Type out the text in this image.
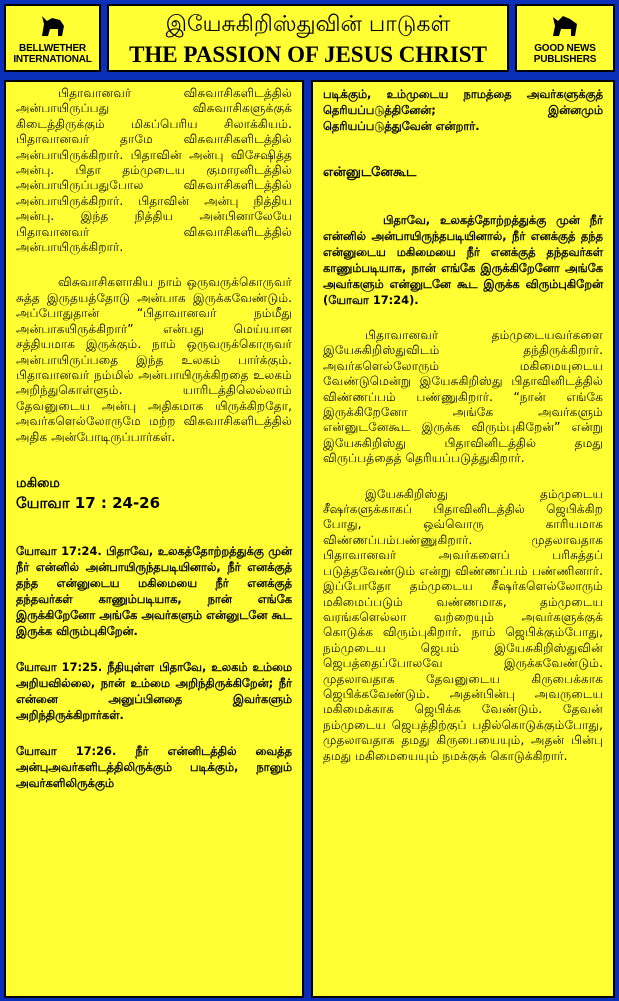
BELLWETHER INTERNATIONAL
இயேசுகிறிஸ்துவின் பாடுகள்
THE PASSION OF JESUS CHRIST	GOOD NEWS PUBLISHERS

பிதாவானவர் விசுவாசிகளிடத்தில் அன்பாயிருப்பது விசுவாசிகளுக்குக் கிடைத்திருக்கும் மிகப்பெரிய சிலாக்கியம். பிதாவானவர் தாமே விசுவாசிகளிடத்தில் அன்பாயிருக்கிறார். பிதாவின் அன்பு விசேஷித்த அன்பு. பிதா தம்முடைய குமாரனிடத்தில் அன்பாயிருப்பதுபோல விசுவாசிகளிடத்தில் அன்பாயிருக்கிறார். பிதாவின் அன்பு நித்திய அன்பு. இந்த நித்திய அன்பினாலேயே பிதாவானவர் விசுவாசிகளிடத்தில் அன்பாயிருக்கிறார்.

விசுவாசிகளாகிய நாம் ஒருவருக்கொருவர் சுத்த இருதயத்தோடு அன்பாக இருக்கவேண்டும். அப்போதுதான் “பிதாவானவர் நம்மீது அன்பாகயிருக்கிறார்” என்பது மெய்யான சத்தியமாக இருக்கும். நாம் ஒருவருக்கொருவர் அன்பாயிருப்பதை இந்த உலகம் பார்க்கும். பிதாவானவர் நம்மில் அன்பாயிருக்கிறதை உலகம் அறிந்துகொள்ளும். யாரிடத்திலெல்லாம் தேவனுடைய அன்பு அதிகமாக யிருக்கிறதோ, அவர்களெல்லோருமே மற்ற விசுவாசிகளிடத்தில் அதிக அன்போடிருப்பார்கள்.

மகிமை

யோவா 17 : 24-26

யோவா 17:24. பிதாவே, உலகத்தோற்றத்துக்கு முன் நீர் என்னில் அன்பாயிருந்தபடியினால், நீர் எனக்குத் தந்த என்னுடைய மகிமையை நீர் எனக்குத் தந்தவர்கள் காணும்படியாக, நான் எங்கே இருக்கிறேனோ அங்கே அவர்களும் என்னுடனே கூட இருக்க விரும்புகிறேன்.

யோவா 17:25. நீதியுள்ள பிதாவே, உலகம் உம்மை அறியவில்லை, நான் உம்மை அறிந்திருக்கிறேன்; நீர் என்னை அனுப்பினதை இவர்களும் அறிந்திருக்கிறார்கள்.

யோவா 17:26. நீர் என்னிடத்தில் வைத்த அன்புஅவர்களிடத்திலிருக்கும் படிக்கும், நானும் அவர்களிலிருக்கும்

படிக்கும், உம்முடைய நாமத்தை அவர்களுக்குத் தெரியப்படுத்தினேன்; இன்னமும் தெரியப்படுத்துவேன் என்றார்.

என்னுடனேகூட

பிதாவே, உலகத்தோற்றத்துக்கு முன் நீர் என்னில் அன்பாயிருந்தபடியினால், நீர் எனக்குத் தந்த என்னுடைய மகிமையை நீர் எனக்குத் தந்தவர்கள் காணும்படியாக, நான் எங்கே இருக்கிறேனோ அங்கே அவர்களும் என்னுடனே கூட இருக்க விரும்புகிறேன் (யோவா 17:24).

பிதாவானவர் தம்முடையவர்களை இயேசுகிறிஸ்துவிடம் தந்திருக்கிறார். அவர்களெல்லோரும் மகிமையுடைய வேண்டுமென்று இயேசுகிறிஸ்து பிதாவினிடத்தில் விண்ணப்பம் பண்ணுகிறார். “நான் எங்கே இருக்கிறேனோ அங்கே அவர்களும் என்னுடனேகூட இருக்க விரும்புகிறேன்” என்று இயேசுகிறிஸ்து பிதாவினிடத்தில் தமது விருப்பத்தைத் தெரியப்படுத்துகிறார்.

இயேசுகிறிஸ்து தம்முடைய சீஷர்களுக்காகப் பிதாவினிடத்தில் ஜெபிக்கிற போது, ஒவ்வொரு காரியமாக விண்ணப்பம்பண்ணுகிறார். முதலாவதாக பிதாவானவர் அவர்களைப் பரிசுத்தப் படுத்தவேண்டும் என்று விண்ணப்பம் பண்ணினார். இப்போதோ தம்முடைய சீஷர்களெல்லோரும் மகிமைப்படும் வண்ணமாக, தம்முடைய வரங்களெல்லா வற்றையும் அவர்களுக்குக் கொடுக்க விரும்புகிறார். நாம் ஜெபிக்கும்போது, நம்முடைய ஜெபம் இயேசுகிறிஸ்துவின் ஜெபத்தைப்போலவே இருக்கவேண்டும். முதலாவதாக தேவனுடைய கிருபைக்காக ஜெபிக்கவேண்டும். அதன்பின்பு அவருடைய மகிமைக்காக ஜெபிக்க வேண்டும். தேவன் நம்முடைய ஜெபத்திற்குப் பதில்கொடுக்கும்போது, முதலாவதாக தமது கிருபையையும், அதன் பின்பு தமது மகிமையையும் நமக்குக் கொடுக்கிறார்.
